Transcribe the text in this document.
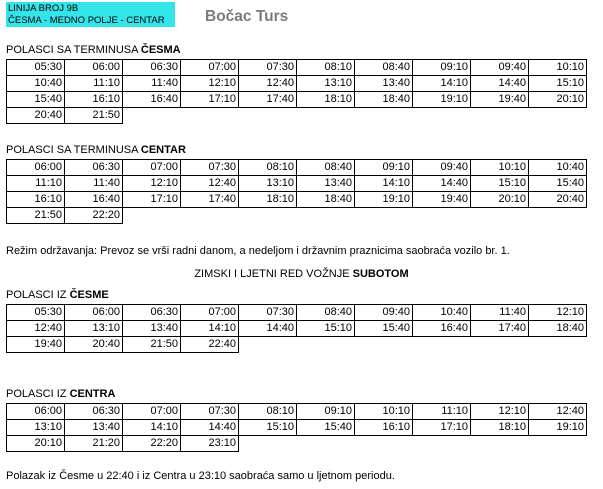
LINIJA BROJ 9B
ČESMA - MEDNO POLJE - CENTAR	Bočac Turs
POLASCI SA TERMINUSA ČESMA
05:30	06:00	06:30	07:00	07:30	08:10	08:40	09:10	09:40	10:10
10:40	11:10	11:40	12:10	12:40	13:10	13:40	14:10	14:40	15:10
15:40	16:10	16:40	17:10	17:40	18:10	18:40	19:10	19:40	20:10
20:40	21:50								
POLASCI SA TERMINUSA CENTAR
06:00	06:30	07:00	07:30	08:10	08:40	09:10	09:40	10:10	10:40
11:10	11:40	12:10	12:40	13:10	13:40	14:10	14:40	15:10	15:40
16:10	16:40	17:10	17:40	18:10	18:40	19:10	19:40	20:10	20:40
21:50	22:20								
Režim održavanja: Prevoz se vrši radni danom, a nedeljom i državnim praznicima saobraća vozilo br. 1.
ZIMSKI I LJETNI RED VOŽNJE SUBOTOM
POLASCI IZ ČESME
05:30	06:00	06:30	07:00	07:30	08:40	09:40	10:40	11:40	12:10
12:40	13:10	13:40	14:10	14:40	15:10	15:40	16:40	17:40	18:40
19:40	20:40	21:50	22:40						
POLASCI IZ CENTRA
06:00	06:30	07:00	07:30	08:10	09:10	10:10	11:10	12:10	12:40
13:10	13:40	14:10	14:40	15:10	15:40	16:10	17:10	18:10	19:10
20:10	21:20	22:20	23:10						
Polazak iz Česme u 22:40 i iz Centra u 23:10 saobraća samo u ljetnom periodu.
